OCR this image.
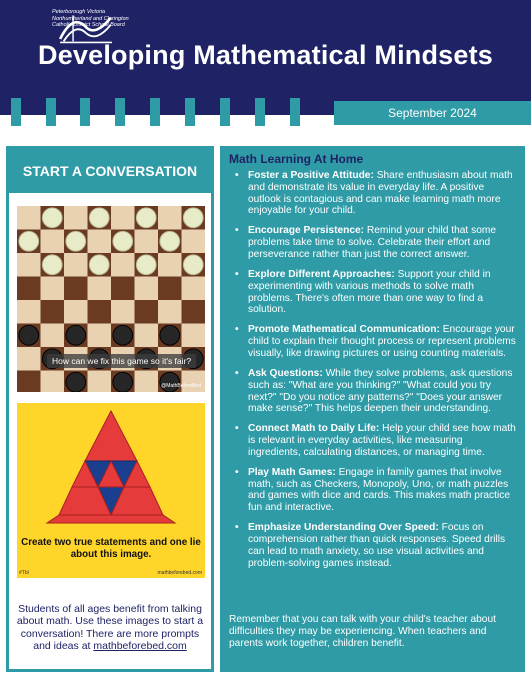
Peterborough Victoria
Northumberland and Clarington
Catholic District School Board
Developing Mathematical Mindsets
September 2024
START A CONVERSATION
How can we fix this game so it's fair?
@MathBeforeBed
Create two true statements and one lie about this image.
#Tbl	mathbeforebed.com
Students of all ages benefit from talking about math. Use these images to start a conversation! There are more prompts and ideas at mathbeforebed.com
Math Learning At Home
• Foster a Positive Attitude: Share enthusiasm about math and demonstrate its value in everyday life. A positive outlook is contagious and can make learning math more enjoyable for your child.
• Encourage Persistence: Remind your child that some problems take time to solve. Celebrate their effort and perseverance rather than just the correct answer.
• Explore Different Approaches: Support your child in experimenting with various methods to solve math problems. There's often more than one way to find a solution.
• Promote Mathematical Communication: Encourage your child to explain their thought process or represent problems visually, like drawing pictures or using counting materials.
• Ask Questions: While they solve problems, ask questions such as: "What are you thinking?" "What could you try next?" "Do you notice any patterns?" "Does your answer make sense?" This helps deepen their understanding.
• Connect Math to Daily Life: Help your child see how math is relevant in everyday activities, like measuring ingredients, calculating distances, or managing time.
• Play Math Games: Engage in family games that involve math, such as Checkers, Monopoly, Uno, or math puzzles and games with dice and cards. This makes math practice fun and interactive.
• Emphasize Understanding Over Speed: Focus on comprehension rather than quick responses. Speed drills can lead to math anxiety, so use visual activities and problem-solving games instead.
Remember that you can talk with your child's teacher about difficulties they may be experiencing. When teachers and parents work together, children benefit.
